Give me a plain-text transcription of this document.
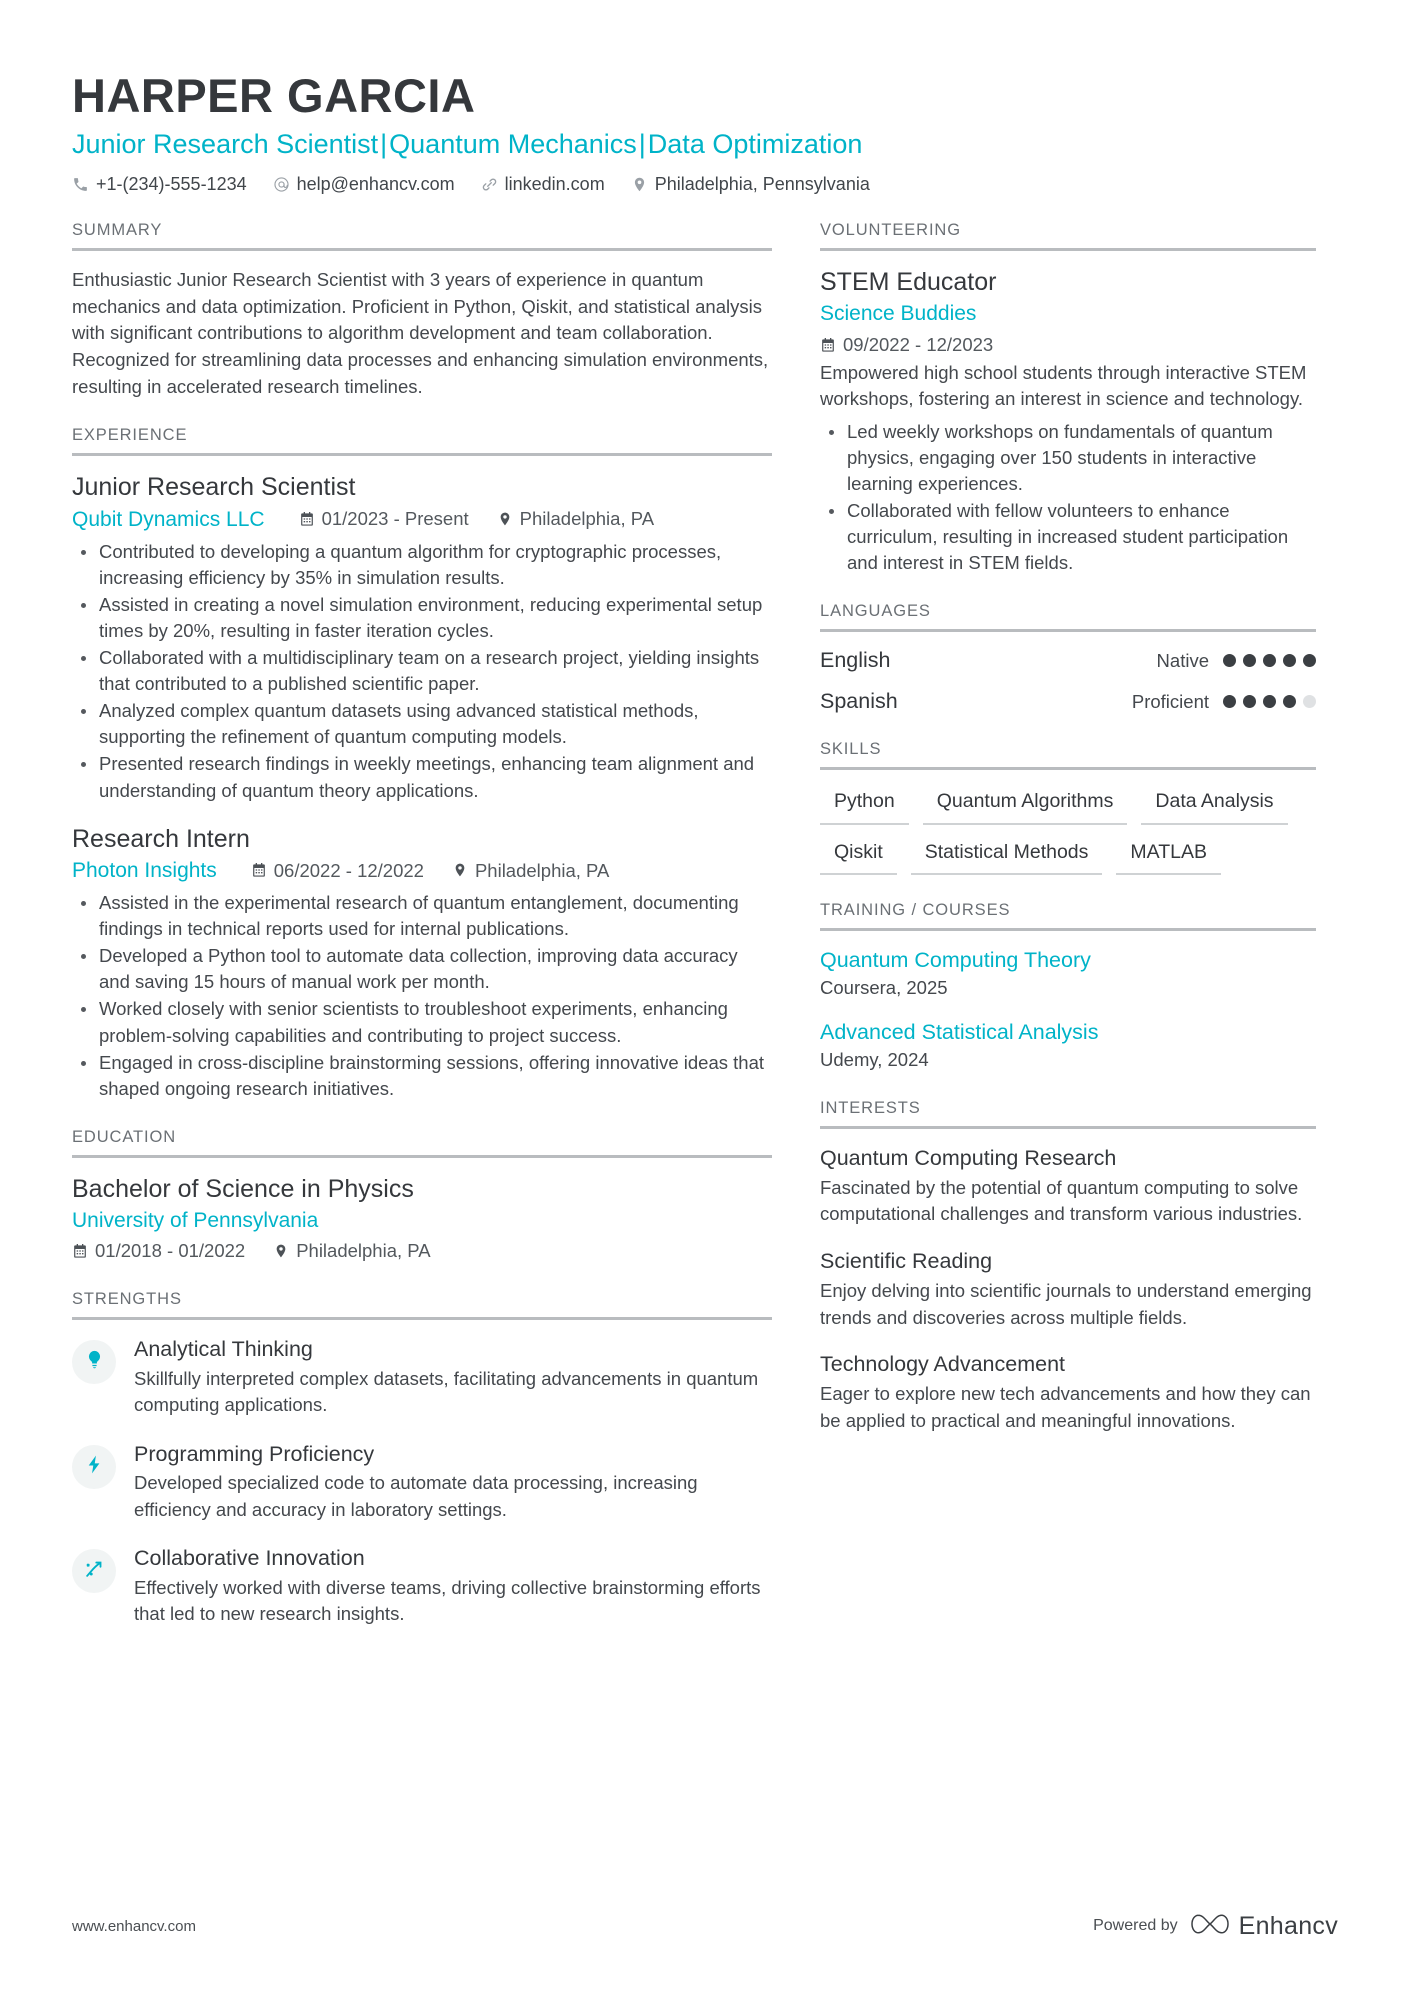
HARPER GARCIA
Junior Research Scientist|Quantum Mechanics|Data Optimization
+1-(234)-555-1234	help@enhancv.com	linkedin.com	Philadelphia, Pennsylvania
SUMMARY
Enthusiastic Junior Research Scientist with 3 years of experience in quantum mechanics and data optimization. Proficient in Python, Qiskit, and statistical analysis with significant contributions to algorithm development and team collaboration. Recognized for streamlining data processes and enhancing simulation environments, resulting in accelerated research timelines.
EXPERIENCE
Junior Research Scientist
Qubit Dynamics LLC	01/2023 - Present	Philadelphia, PA
Contributed to developing a quantum algorithm for cryptographic processes, increasing efficiency by 35% in simulation results.
Assisted in creating a novel simulation environment, reducing experimental setup times by 20%, resulting in faster iteration cycles.
Collaborated with a multidisciplinary team on a research project, yielding insights that contributed to a published scientific paper.
Analyzed complex quantum datasets using advanced statistical methods, supporting the refinement of quantum computing models.
Presented research findings in weekly meetings, enhancing team alignment and understanding of quantum theory applications.
Research Intern
Photon Insights	06/2022 - 12/2022	Philadelphia, PA
Assisted in the experimental research of quantum entanglement, documenting findings in technical reports used for internal publications.
Developed a Python tool to automate data collection, improving data accuracy and saving 15 hours of manual work per month.
Worked closely with senior scientists to troubleshoot experiments, enhancing problem-solving capabilities and contributing to project success.
Engaged in cross-discipline brainstorming sessions, offering innovative ideas that shaped ongoing research initiatives.
EDUCATION
Bachelor of Science in Physics
University of Pennsylvania
01/2018 - 01/2022	Philadelphia, PA
STRENGTHS
Analytical Thinking
Skillfully interpreted complex datasets, facilitating advancements in quantum computing applications.
Programming Proficiency
Developed specialized code to automate data processing, increasing efficiency and accuracy in laboratory settings.
Collaborative Innovation
Effectively worked with diverse teams, driving collective brainstorming efforts that led to new research insights.
VOLUNTEERING
STEM Educator
Science Buddies
09/2022 - 12/2023
Empowered high school students through interactive STEM workshops, fostering an interest in science and technology.
Led weekly workshops on fundamentals of quantum physics, engaging over 150 students in interactive learning experiences.
Collaborated with fellow volunteers to enhance curriculum, resulting in increased student participation and interest in STEM fields.
LANGUAGES
English	Native
Spanish	Proficient
SKILLS
Python	Quantum Algorithms	Data Analysis
Qiskit	Statistical Methods	MATLAB
TRAINING / COURSES
Quantum Computing Theory
Coursera, 2025
Advanced Statistical Analysis
Udemy, 2024
INTERESTS
Quantum Computing Research
Fascinated by the potential of quantum computing to solve computational challenges and transform various industries.
Scientific Reading
Enjoy delving into scientific journals to understand emerging trends and discoveries across multiple fields.
Technology Advancement
Eager to explore new tech advancements and how they can be applied to practical and meaningful innovations.
www.enhancv.com	Powered by Enhancv
